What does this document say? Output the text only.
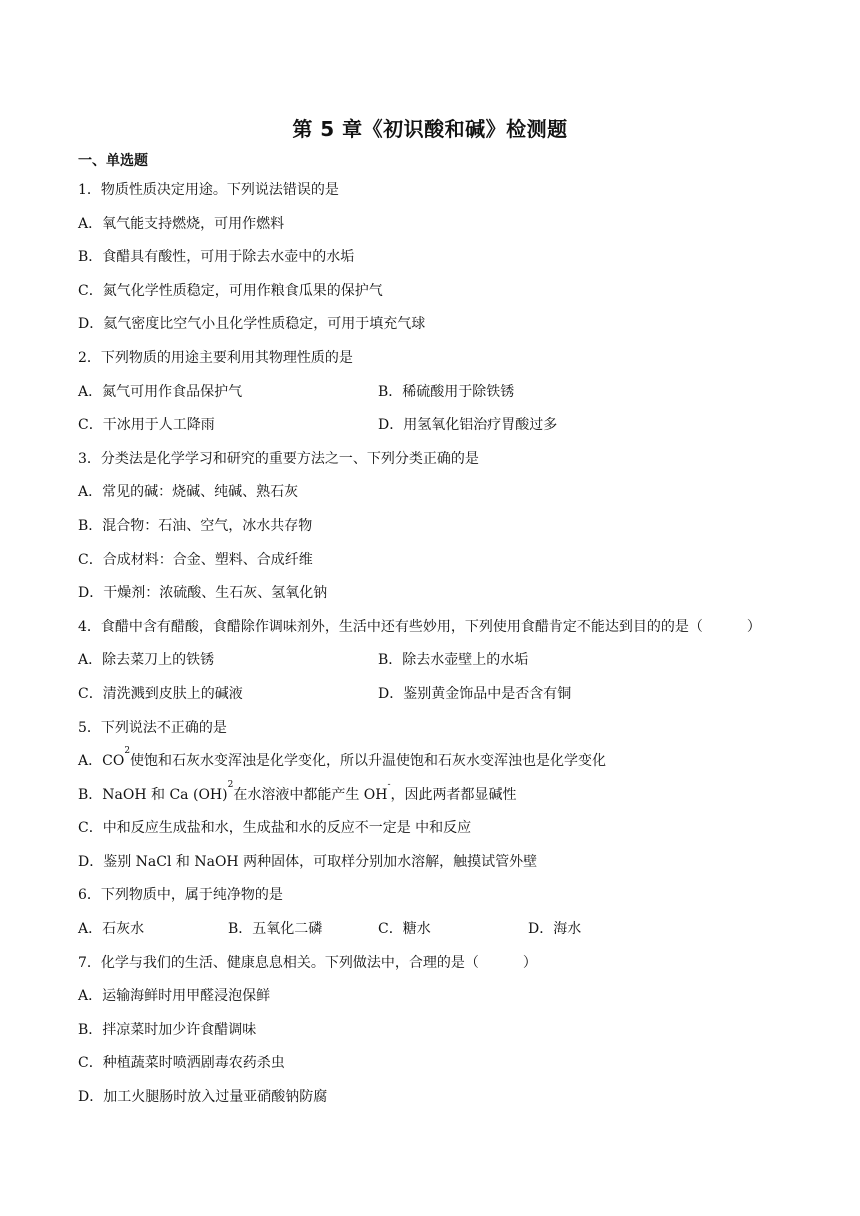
第 5 章《初识酸和碱》检测题
一、单选题
1．物质性质决定用途。下列说法错误的是
A．氧气能支持燃烧，可用作燃料
B．食醋具有酸性，可用于除去水壶中的水垢
C．氮气化学性质稳定，可用作粮食瓜果的保护气
D．氦气密度比空气小且化学性质稳定，可用于填充气球
2．下列物质的用途主要利用其物理性质的是
A．氮气可用作食品保护气	B．稀硫酸用于除铁锈
C．干冰用于人工降雨	D．用氢氧化铝治疗胃酸过多
3．分类法是化学学习和研究的重要方法之一、下列分类正确的是
A．常见的碱：烧碱、纯碱、熟石灰
B．混合物：石油、空气，冰水共存物
C．合成材料：合金、塑料、合成纤维
D．干燥剂：浓硫酸、生石灰、氢氧化钠
4．食醋中含有醋酸，食醋除作调味剂外，生活中还有些妙用，下列使用食醋肯定不能达到目的的是（	）
A．除去菜刀上的铁锈	B．除去水壶壁上的水垢
C．清洗溅到皮肤上的碱液	D．鉴别黄金饰品中是否含有铜
5．下列说法不正确的是
A．CO
2
使饱和石灰水变浑浊是化学变化，所以升温使饱和石灰水变浑浊也是化学变化
B．NaOH 和 Ca (OH)
2
在水溶液中都能产生 OH
-
，因此两者都显碱性
C．中和反应生成盐和水，生成盐和水的反应不一定是 中和反应
D．鉴别 NaCl 和 NaOH 两种固体，可取样分别加水溶解，触摸试管外壁
6．下列物质中，属于纯净物的是
A．石灰水	B．五氧化二磷	C．糖水	D．海水
7．化学与我们的生活、健康息息相关。下列做法中，合理的是（	）
A．运输海鲜时用甲醛浸泡保鲜
B．拌凉菜时加少许食醋调味
C．种植蔬菜时喷洒剧毒农药杀虫
D．加工火腿肠时放入过量亚硝酸钠防腐
